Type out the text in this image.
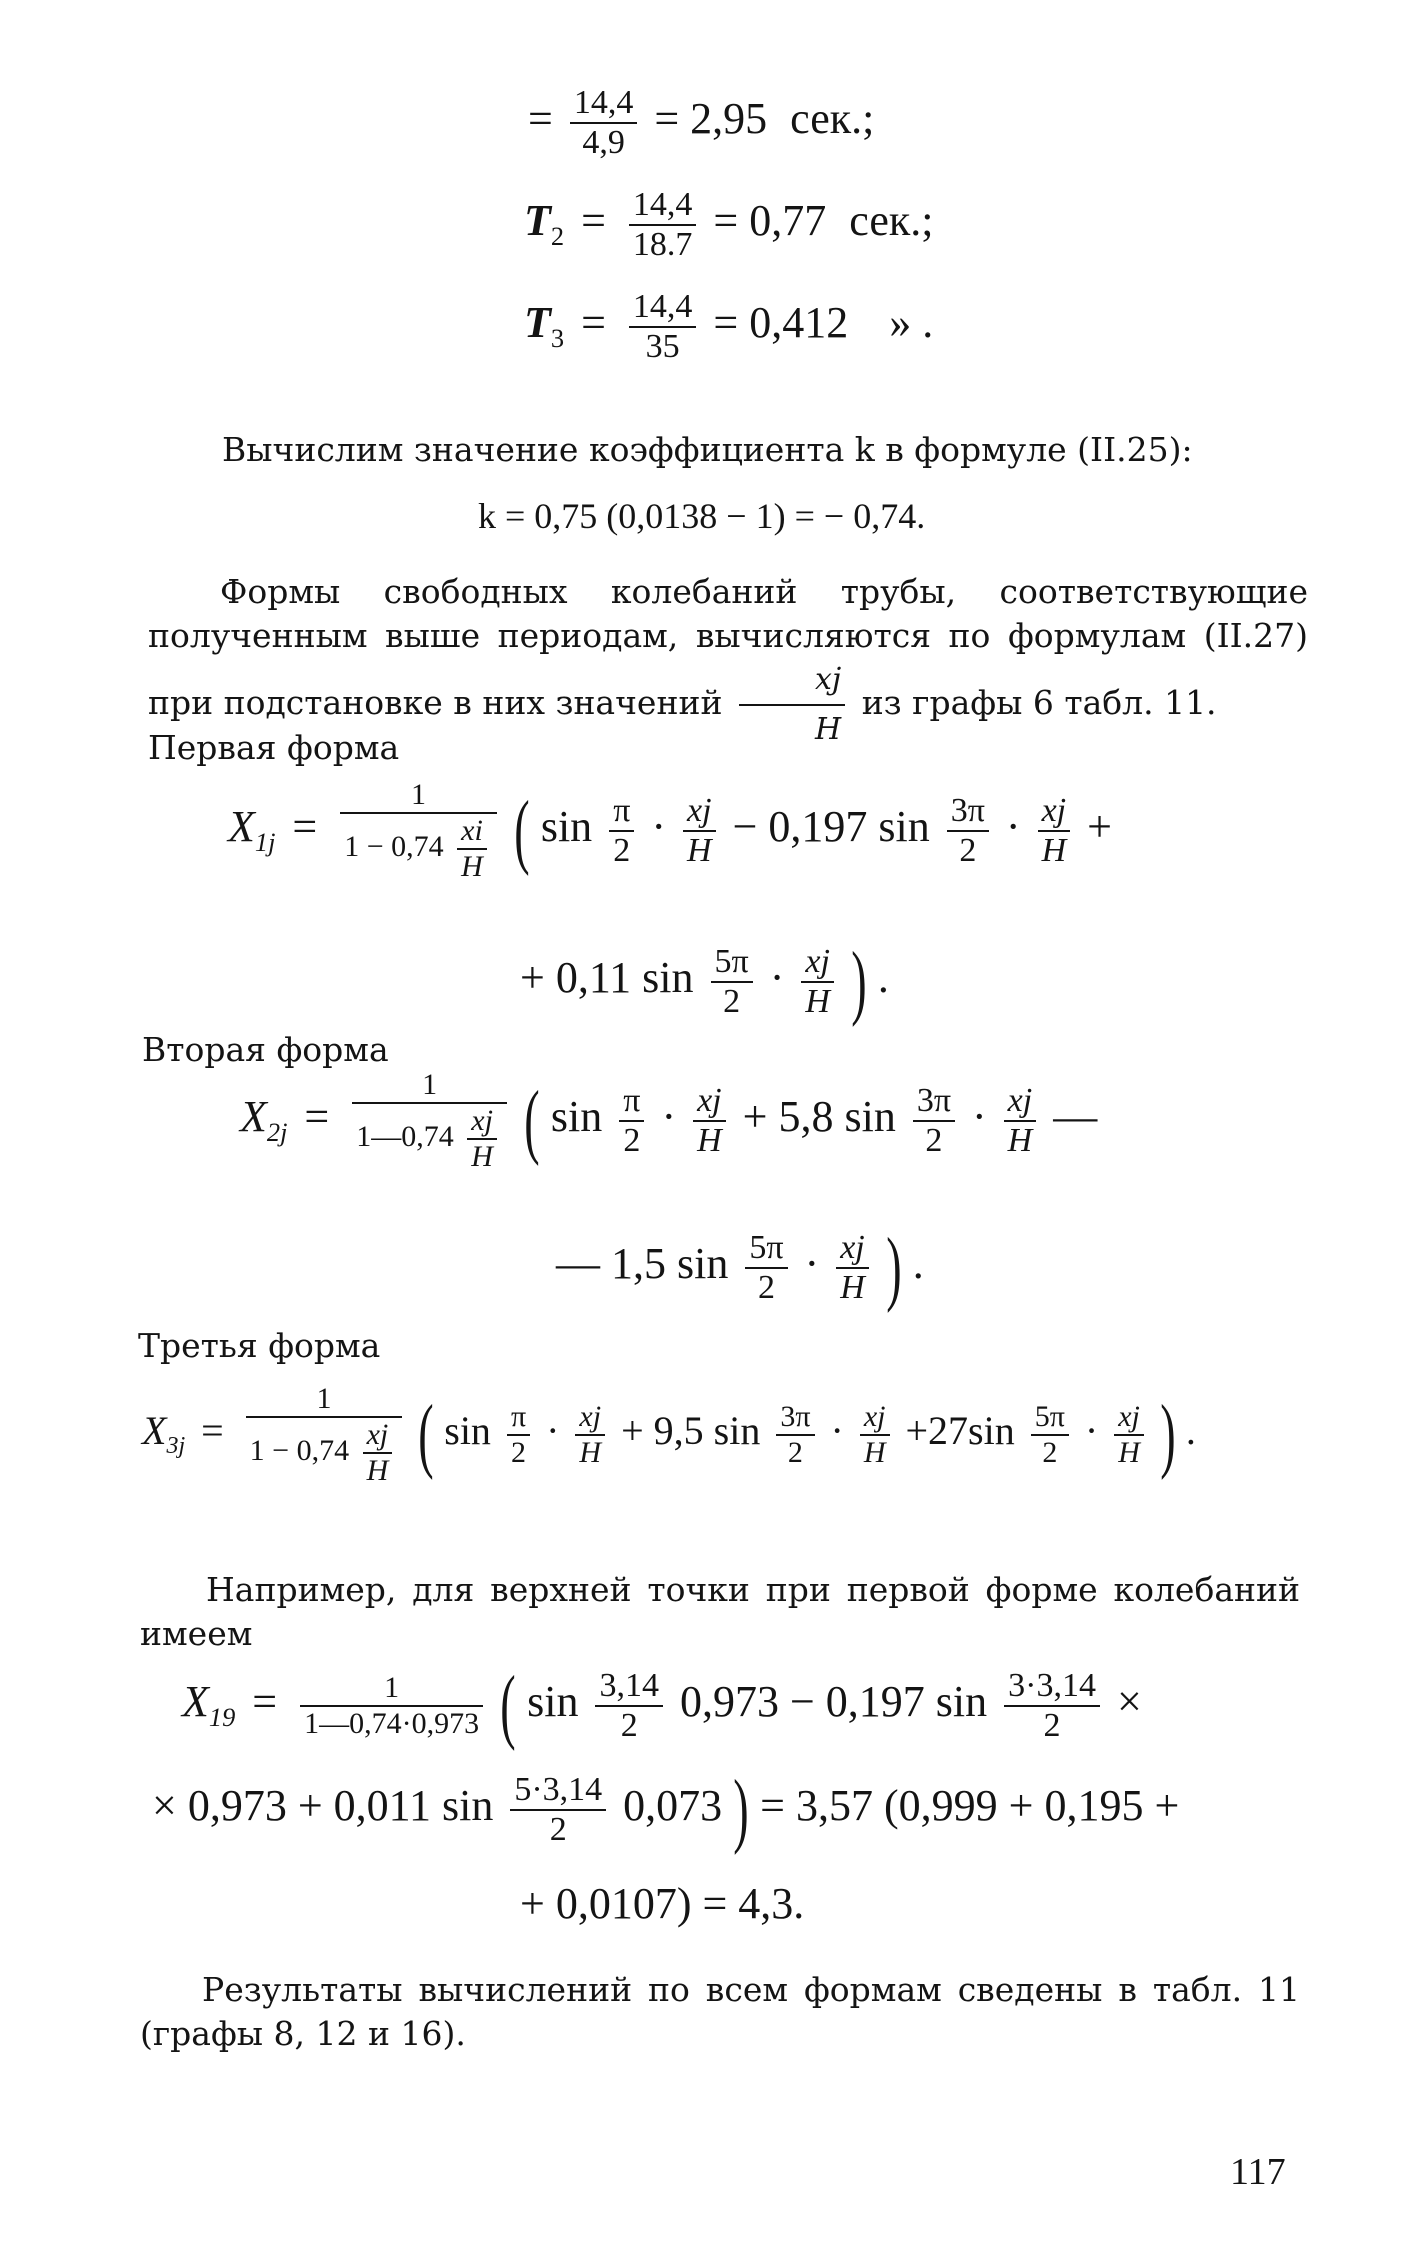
= $\frac{14,4}{4,9} = 2,95$ сек.;
$T_2 = \frac{14,4}{18.7} = 0,77$ сек.;
$T_3 = \frac{14,4}{35} = 0,412$ » .
Вычислим значение коэффициента k в формуле (II.25):
k = 0,75 (0,0138 − 1) = − 0,74.
Формы свободных колебаний трубы, соответствующие полученным выше периодам, вычисляются по формулам (II.27) при подстановке в них значений $\frac{xj}{H}$ из графы 6 табл. 11.
Первая форма
$X_{1j} = \frac{1}{1 - 0,74 \frac{xi}{H}}$ ( $\sin \frac{\pi}{2} \cdot \frac{xj}{H} - 0,197$ $\sin \frac{3\pi}{2} \cdot \frac{xj}{H}$ +
+ 0,11 $\sin \frac{5\pi}{2} \cdot \frac{xj}{H}$ ) .
Вторая форма
$X_{2j} = \frac{1}{1—0,74 \frac{xj}{H}}$ ( $\sin \frac{\pi}{2} \cdot \frac{xj}{H} + 5,8$ $\sin \frac{3\pi}{2} \cdot \frac{xj}{H}$ —
— 1,5 $\sin \frac{5\pi}{2} \cdot \frac{xj}{H}$ ) .
Третья форма
$X_{3j} = \frac{1}{1 - 0,74 \frac{xj}{H}}$ ( $\sin \frac{\pi}{2} \cdot \frac{xj}{H} + 9,5$ $\sin \frac{3\pi}{2} \cdot \frac{xj}{H} +27\sin \frac{5\pi}{2} \cdot \frac{xj}{H}$ ) .
Например, для верхней точки при первой форме колебаний имеем
$X_{19} = \frac{1}{1—0,74\cdot 0,973}$ ( $\sin \frac{3,14}{2} 0,973 - 0,197$ $\sin \frac{3\cdot 3,14}{2}$ ×
× 0,973 + 0,011 $\sin \frac{5\cdot 3,14}{2} 0,073$ ) = 3,57 (0,999 + 0,195 +
+ 0,0107) = 4,3.
Результаты вычислений по всем формам сведены в табл. 11 (графы 8, 12 и 16).
117
